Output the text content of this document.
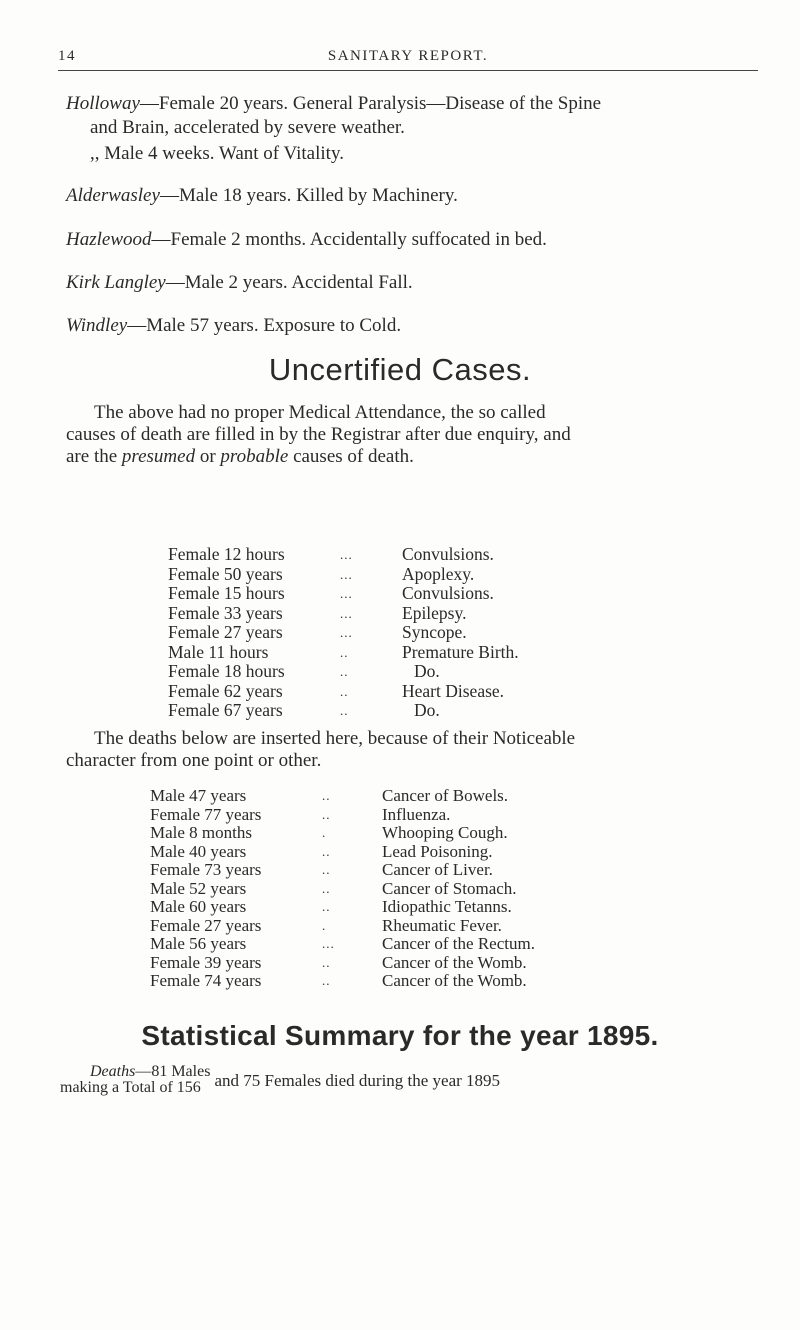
14	SANITARY REPORT.
Holloway—Female 20 years. General Paralysis—Disease of the Spine
and Brain, accelerated by severe weather.
,, Male 4 weeks. Want of Vitality.
Alderwasley—Male 18 years. Killed by Machinery.
Hazlewood—Female 2 months. Accidentally suffocated in bed.
Kirk Langley—Male 2 years. Accidental Fall.
Windley—Male 57 years. Exposure to Cold.
Uncertified Cases.
The above had no proper Medical Attendance, the so called
causes of death are filled in by the Registrar after due enquiry, and
are the presumed or probable causes of death.
Female 12 hours	...	Convulsions.
Female 50 years	...	Apoplexy.
Female 15 hours	...	Convulsions.
Female 33 years	...	Epilepsy.
Female 27 years	...	Syncope.
Male 11 hours	..	Premature Birth.
Female 18 hours	..	Do.
Female 62 years	..	Heart Disease.
Female 67 years	..	Do.
The deaths below are inserted here, because of their Noticeable
character from one point or other.
Male 47 years	..	Cancer of Bowels.
Female 77 years	..	Influenza.
Male 8 months	.	Whooping Cough.
Male 40 years	..	Lead Poisoning.
Female 73 years	..	Cancer of Liver.
Male 52 years	..	Cancer of Stomach.
Male 60 years	..	Idiopathic Tetanns.
Female 27 years	.	Rheumatic Fever.
Male 56 years	...	Cancer of the Rectum.
Female 39 years	..	Cancer of the Womb.
Female 74 years	..	Cancer of the Womb.
Statistical Summary for the year 1895.
Deaths—81 Males
making a Total of 156 and 75 Females died during the year 1895
